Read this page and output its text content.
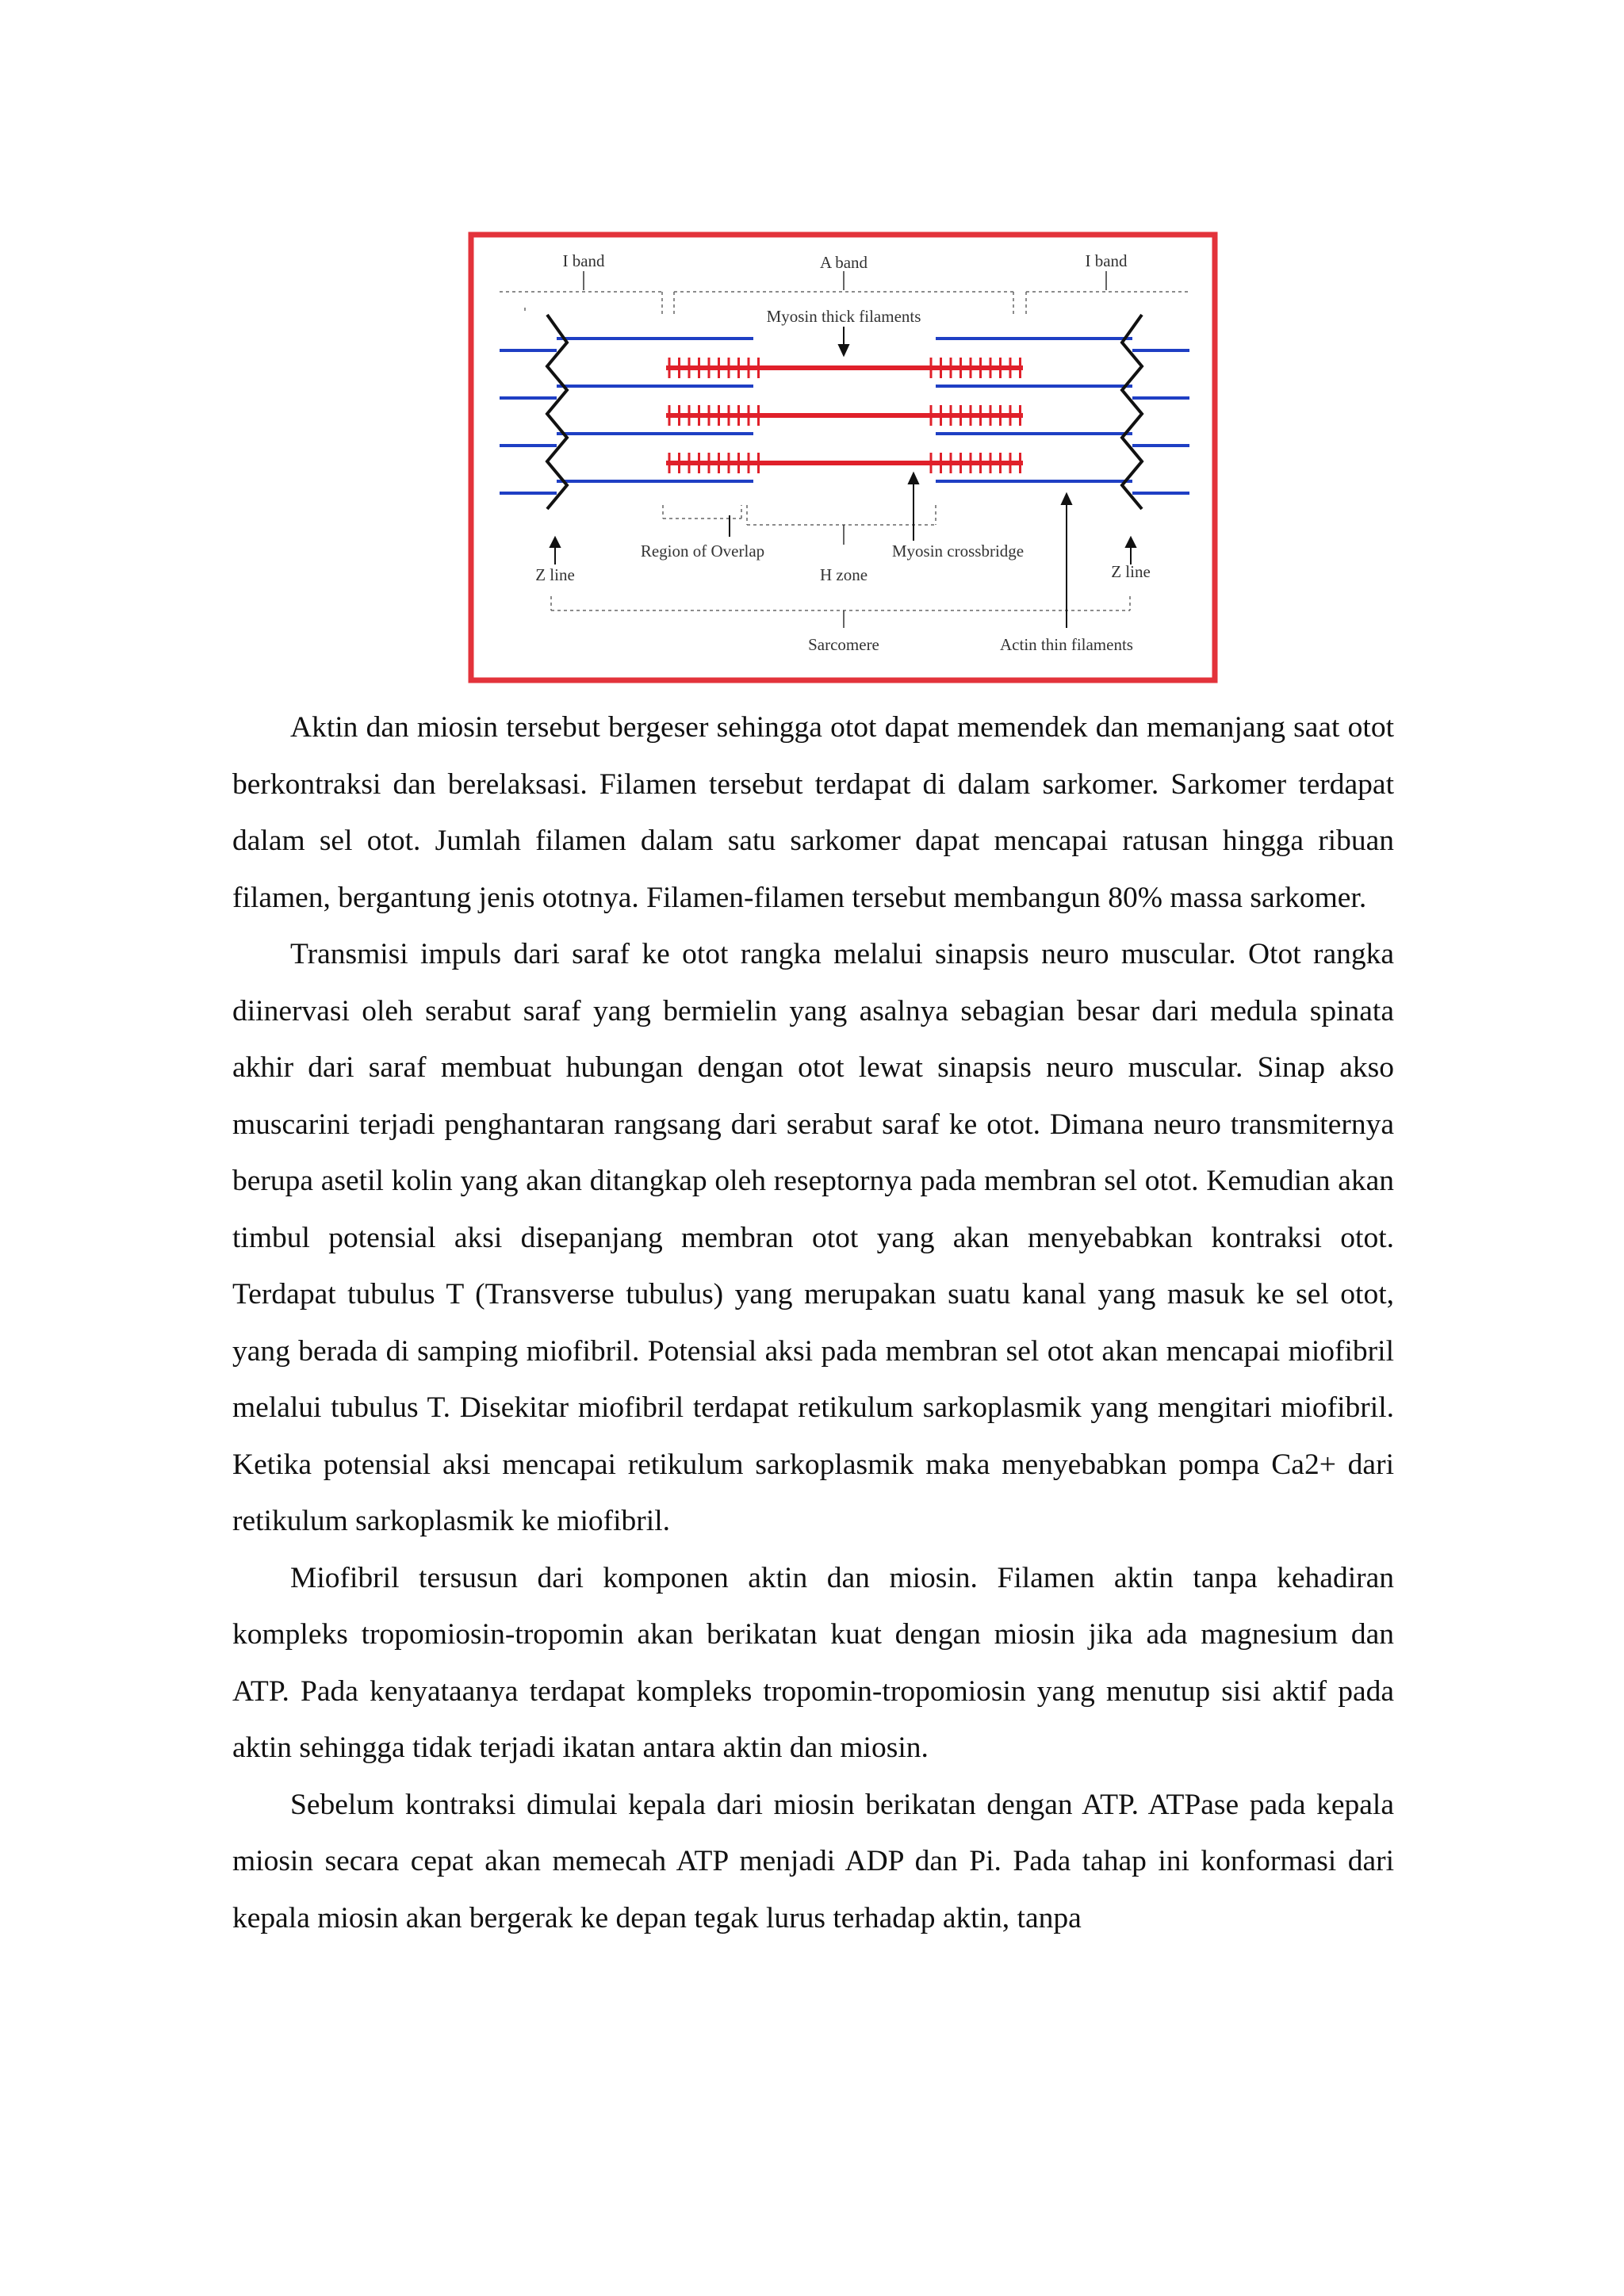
I band	A band	I band
Myosin thick filaments
Region of Overlap	Myosin crossbridge
Z line	H zone	Z line
Sarcomere	Actin thin filaments

Aktin dan miosin tersebut bergeser sehingga otot dapat memendek dan memanjang saat otot berkontraksi dan berelaksasi. Filamen tersebut terdapat di dalam sarkomer. Sarkomer terdapat dalam sel otot. Jumlah filamen dalam satu sarkomer dapat mencapai ratusan hingga ribuan filamen, bergantung jenis ototnya. Filamen-filamen tersebut membangun 80% massa sarkomer.

Transmisi impuls dari saraf ke otot rangka melalui sinapsis neuro muscular. Otot rangka diinervasi oleh serabut saraf yang bermielin yang asalnya sebagian besar dari medula spinata akhir dari saraf membuat hubungan dengan otot lewat sinapsis neuro muscular. Sinap akso muscarini terjadi penghantaran rangsang dari serabut saraf ke otot. Dimana neuro transmiternya berupa asetil kolin yang akan ditangkap oleh reseptornya pada membran sel otot. Kemudian akan timbul potensial aksi disepanjang membran otot yang akan menyebabkan kontraksi otot. Terdapat tubulus T (Transverse tubulus) yang merupakan suatu kanal yang masuk ke sel otot, yang berada di samping miofibril. Potensial aksi pada membran sel otot akan mencapai miofibril melalui tubulus T. Disekitar miofibril terdapat retikulum sarkoplasmik yang mengitari miofibril. Ketika potensial aksi mencapai retikulum sarkoplasmik maka menyebabkan pompa Ca2+ dari retikulum sarkoplasmik ke miofibril.

Miofibril tersusun dari komponen aktin dan miosin. Filamen aktin tanpa kehadiran kompleks tropomiosin-tropomin akan berikatan kuat dengan miosin jika ada magnesium dan ATP. Pada kenyataanya terdapat kompleks tropomin-tropomiosin yang menutup sisi aktif pada aktin sehingga tidak terjadi ikatan antara aktin dan miosin.

Sebelum kontraksi dimulai kepala dari miosin berikatan dengan ATP. ATPase pada kepala miosin secara cepat akan memecah ATP menjadi ADP dan Pi. Pada tahap ini konformasi dari kepala miosin akan bergerak ke depan tegak lurus terhadap aktin, tanpa
